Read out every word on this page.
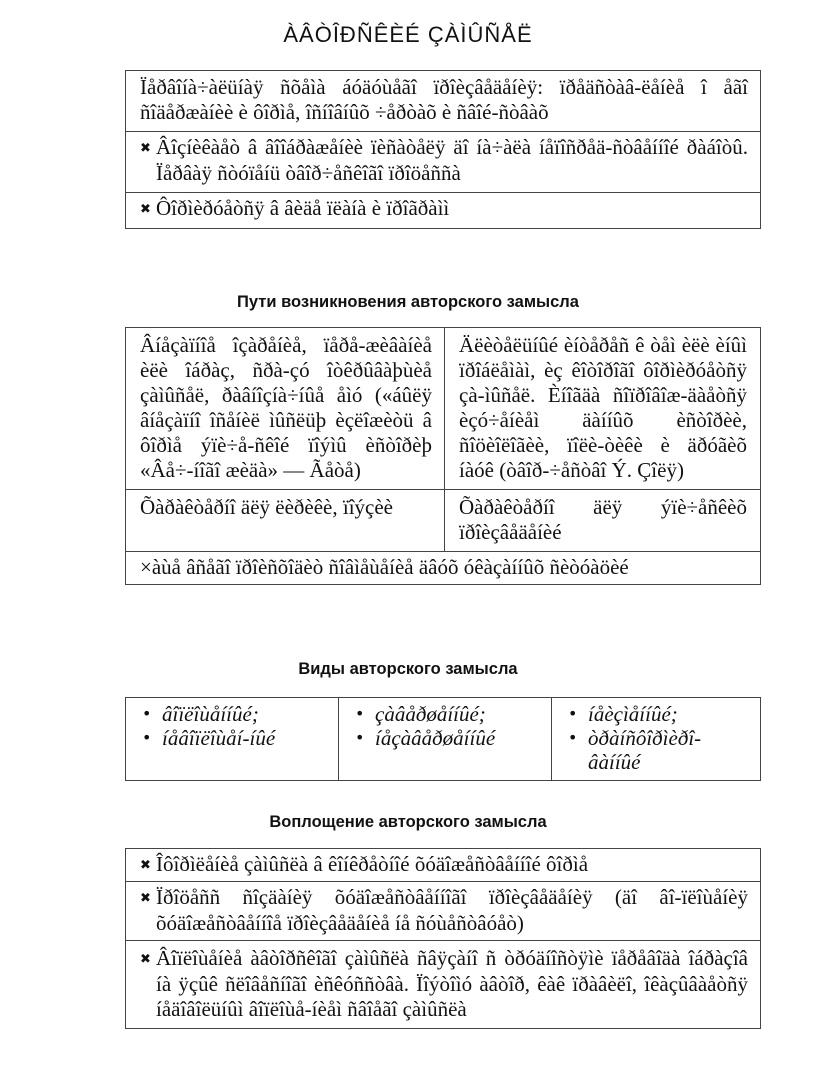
ÀÂÒÎÐÑÊÈÉ ÇÀÌÛÑÅË
Ïåðâîíà÷àëüíàÿ ñõåìà áóäóùåãî ïðîèçâåäåíèÿ: ïðåäñòàâ-ëåíèå î åãî ñîäåðæàíèè è ôîðìå, îñíîâíûõ ÷åðòàõ è ñâîé-ñòâàõ
✖ Âîçíèêàåò â âîîáðàæåíèè ïèñàòåëÿ äî íà÷àëà íåïîñðåä-ñòâåííîé ðàáîòû. Ïåðâàÿ ñòóïåíü òâîð÷åñêîãî ïðîöåññà
✖ Ôîðìèðóåòñÿ â âèäå ïëàíà è ïðîãðàìì
Пути возникновения авторского замысла
Âíåçàïíîå îçàðåíèå, ïåðå-æèâàíèå èëè îáðàç, ñðà-çó îòêðûâàþùèå çàìûñåë, ðàâíîçíà÷íûå åìó («áûëÿ âíåçàïíî îñåíèë ìûñëüþ èçëîæèòü â ôîðìå ýïè÷å-ñêîé ïîýìû èñòîðèþ «Âå÷-íîãî æèäà» — Ãåòå)
Äëèòåëüíûé èíòåðåñ ê òåì èëè èíûì ïðîáëåìàì, èç êîòîðîãî ôîðìèðóåòñÿ çà-ìûñåë. Èíîãäà ñîïðîâîæ-äàåòñÿ èçó÷åíèåì äàííûõ èñòîðèè, ñîöèîëîãèè, ïîëè-òèêè è äðóãèõ íàóê (òâîð-÷åñòâî Ý. Çîëÿ)
Õàðàêòåðíî äëÿ ëèðèêè, ïîýçèè	Õàðàêòåðíî äëÿ ýïè÷åñêèõ ïðîèçâåäåíèé
×àùå âñåãî ïðîèñõîäèò ñîâìåùåíèå äâóõ óêàçàííûõ ñèòóàöèé
Виды авторского замысла
• âîïëîùåííûé;
• íåâîïëîùåí-íûé
• çàâåðøåííûé;
• íåçàâåðøåííûé
• íåèçìåííûé;
• òðàíñôîðìèðî-âàííûé
Воплощение авторского замысла
✖ Îôîðìëåíèå çàìûñëà â êîíêðåòíîé õóäîæåñòâåííîé ôîðìå
✖ Ïðîöåññ ñîçäàíèÿ õóäîæåñòâåííîãî ïðîèçâåäåíèÿ (äî âî-ïëîùåíèÿ õóäîæåñòâåííîå ïðîèçâåäåíèå íå ñóùåñòâóåò)
✖ Âîïëîùåíèå àâòîðñêîãî çàìûñëà ñâÿçàíî ñ òðóäíîñòÿìè ïåðåâîäà îáðàçîâ íà ÿçûê ñëîâåñíîãî èñêóññòâà. Ïîýòîìó àâòîð, êàê ïðàâèëî, îêàçûâàåòñÿ íåäîâîëüíûì âîïëîùå-íèåì ñâîåãî çàìûñëà
